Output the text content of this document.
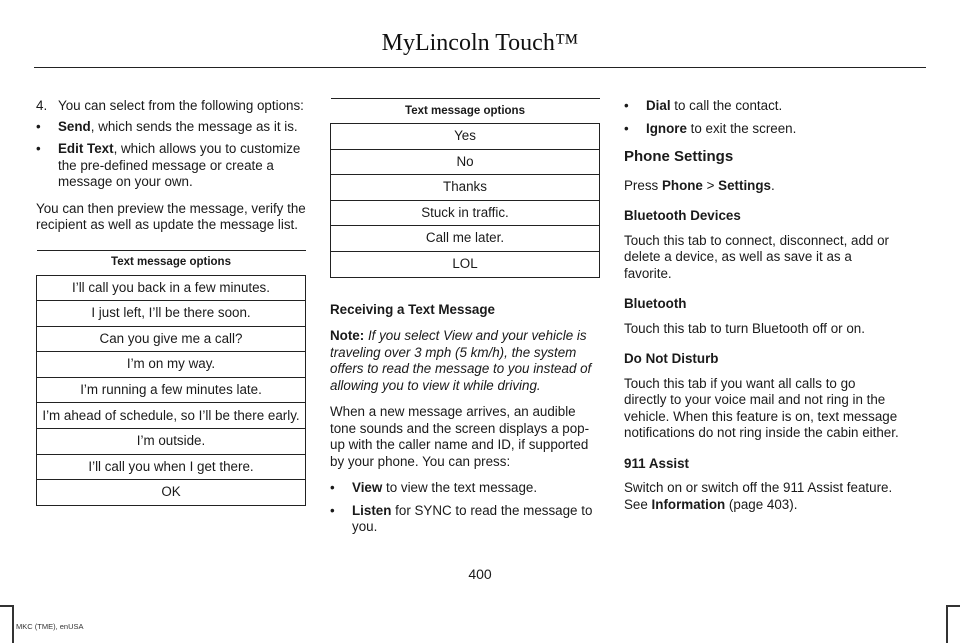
MyLincoln Touch™
4. You can select from the following options:
•	Send, which sends the message as it is.
•	Edit Text, which allows you to customize the pre-defined message or create a message on your own.

You can then preview the message, verify the recipient as well as update the message list.

Text message options
I’ll call you back in a few minutes.
I just left, I’ll be there soon.
Can you give me a call?
I’m on my way.
I’m running a few minutes late.
I’m ahead of schedule, so I’ll be there early.
I’m outside.
I’ll call you when I get there.
OK
Text message options
Yes
No
Thanks
Stuck in traffic.
Call me later.
LOL
Receiving a Text Message

Note: If you select View and your vehicle is traveling over 3 mph (5 km/h), the system offers to read the message to you instead of allowing you to view it while driving.

When a new message arrives, an audible tone sounds and the screen displays a pop-up with the caller name and ID, if supported by your phone. You can press:

•	View to view the text message.
•	Listen for SYNC to read the message to you.
•	Dial to call the contact.
•	Ignore to exit the screen.
Phone Settings

Press Phone > Settings.

Bluetooth Devices

Touch this tab to connect, disconnect, add or delete a device, as well as save it as a favorite.

Bluetooth

Touch this tab to turn Bluetooth off or on.

Do Not Disturb

Touch this tab if you want all calls to go directly to your voice mail and not ring in the vehicle. When this feature is on, text message notifications do not ring inside the cabin either.

911 Assist

Switch on or switch off the 911 Assist feature. See Information (page 403).

400
MKC (TME), enUSA
